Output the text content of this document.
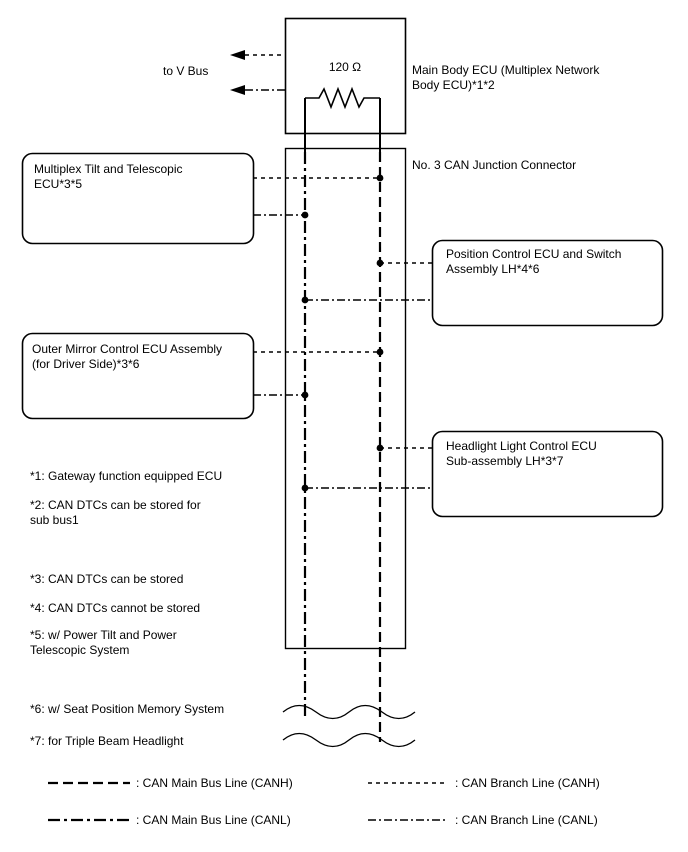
to V Bus	120 Ω	Main Body ECU (Multiplex Network Body ECU)*1*2
No. 3 CAN Junction Connector
Multiplex Tilt and Telescopic ECU*3*5
Position Control ECU and Switch Assembly LH*4*6
Outer Mirror Control ECU Assembly (for Driver Side)*3*6
Headlight Light Control ECU Sub-assembly LH*3*7
*1: Gateway function equipped ECU
*2: CAN DTCs can be stored for sub bus1
*3: CAN DTCs can be stored
*4: CAN DTCs cannot be stored
*5: w/ Power Tilt and Power Telescopic System
*6: w/ Seat Position Memory System
*7: for Triple Beam Headlight
: CAN Main Bus Line (CANH)	: CAN Branch Line (CANH)
: CAN Main Bus Line (CANL)	: CAN Branch Line (CANL)
